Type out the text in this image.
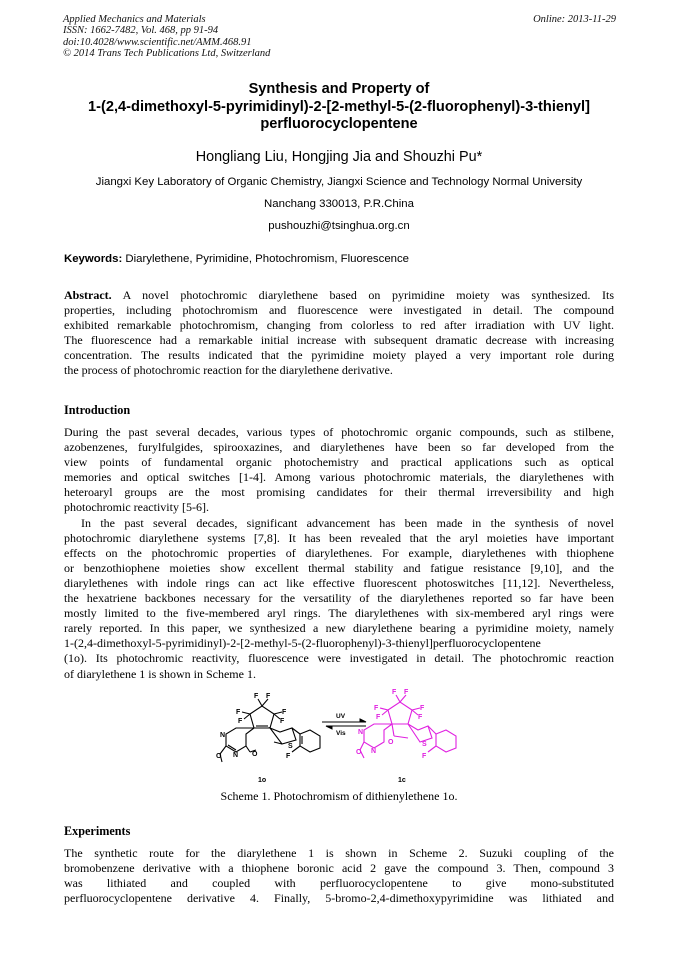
Applied Mechanics and Materials
ISSN: 1662-7482, Vol. 468, pp 91-94
doi:10.4028/www.scientific.net/AMM.468.91
© 2014 Trans Tech Publications Ltd, Switzerland
Online: 2013-11-29
Synthesis and Property of
1-(2,4-dimethoxyl-5-pyrimidinyl)-2-[2-methyl-5-(2-fluorophenyl)-3-thienyl]
perfluorocyclopentene
Hongliang Liu, Hongjing Jia and Shouzhi Pu*
Jiangxi Key Laboratory of Organic Chemistry, Jiangxi Science and Technology Normal University
Nanchang 330013, P.R.China
pushouzhi@tsinghua.org.cn
Keywords: Diarylethene, Pyrimidine, Photochromism, Fluorescence
Abstract. A novel photochromic diarylethene based on pyrimidine moiety was synthesized. Its
properties, including photochromism and fluorescence were investigated in detail. The compound
exhibited remarkable photochromism, changing from colorless to red after irradiation with UV light.
The fluorescence had a remarkable initial increase with subsequent dramatic decrease with increasing
concentration. The results indicated that the pyrimidine moiety played a very important role during
the process of photochromic reaction for the diarylethene derivative.
Introduction
During the past several decades, various types of photochromic organic compounds, such as stilbene,
azobenzenes, furylfulgides, spirooxazines, and diarylethenes have been so far developed from the
view points of fundamental organic photochemistry and practical applications such as optical
memories and optical switches [1-4]. Among various photochromic materials, the diarylethenes with
heteroaryl groups are the most promising candidates for their thermal irreversibility and high
photochromic reactivity [5-6].
In the past several decades, significant advancement has been made in the synthesis of novel
photochromic diarylethene systems [7,8]. It has been revealed that the aryl moieties have important
effects on the photochromic properties of diarylethenes. For example, diarylethenes with thiophene
or benzothiophene moieties show excellent thermal stability and fatigue resistance [9,10], and the
diarylethenes with indole rings can act like effective fluorescent photoswitches [11,12]. Nevertheless,
the hexatriene backbones necessary for the versatility of the diarylethenes reported so far have been
mostly limited to the five-membered aryl rings. The diarylethenes with six-membered aryl rings were
rarely reported. In this paper, we synthesized a new diarylethene bearing a pyrimidine moiety, namely
1-(2,4-dimethoxyl-5-pyrimidinyl)-2-[2-methyl-5-(2-fluorophenyl)-3-thienyl]perfluorocyclopentene
(1o). Its photochromic reactivity, fluorescence were investigated in detail. The photochromic reaction
of diarylethene 1 is shown in Scheme 1.
F F
F
F
F
F
N
N
S
O	O	F
1o
UV
Vis
F F
F
F
F
F
N
N
S
O
O
F
1c
Scheme 1. Photochromism of dithienylethene 1o.
Experiments
The synthetic route for the diarylethene 1 is shown in Scheme 2. Suzuki coupling of the
bromobenzene derivative with a thiophene boronic acid 2 gave the compound 3. Then, compound 3
was lithiated and coupled with perfluorocyclopentene to give mono-substituted
perfluorocyclopentene derivative 4. Finally, 5-bromo-2,4-dimethoxypyrimidine was lithiated and
